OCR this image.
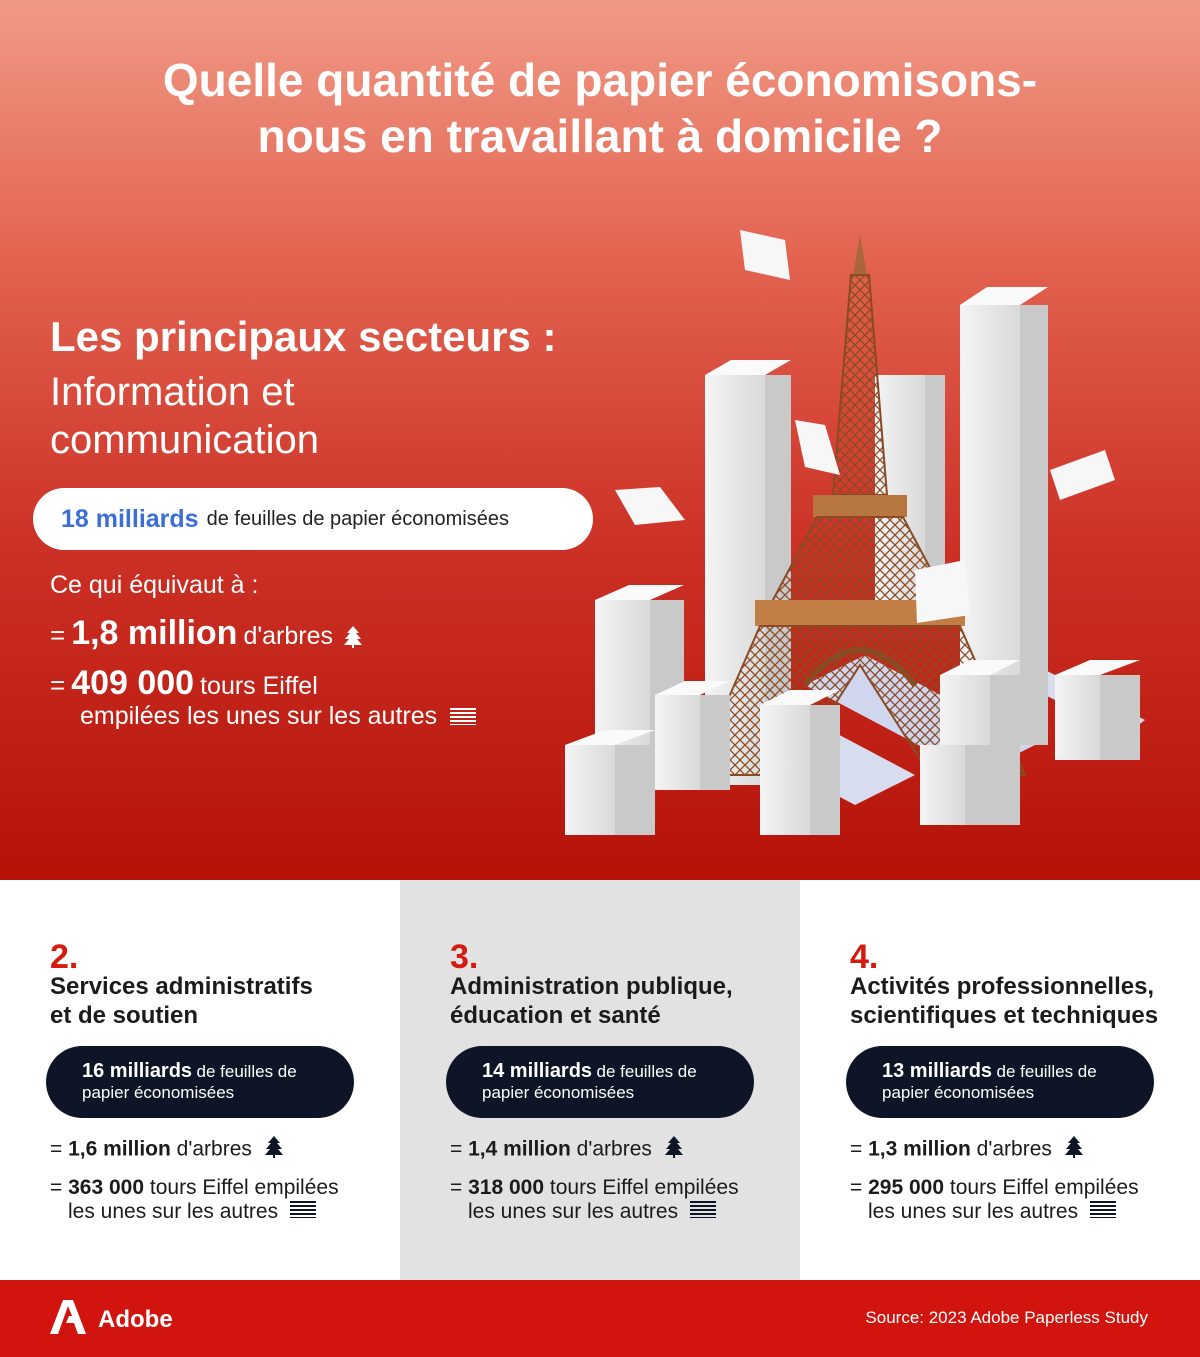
Quelle quantité de papier économisons-
nous en travaillant à domicile ?
Les principaux secteurs :
Information et
communication
18 milliards de feuilles de papier économisées
Ce qui équivaut à :
= 1,8 million d'arbres
= 409 000 tours Eiffel
empilées les unes sur les autres
2.
Services administratifs
et de soutien
16 milliards de feuilles de
papier économisées
= 1,6 million d'arbres
= 363 000 tours Eiffel empilées
les unes sur les autres
3.
Administration publique,
éducation et santé
14 milliards de feuilles de
papier économisées
= 1,4 million d'arbres
= 318 000 tours Eiffel empilées
les unes sur les autres
4.
Activités professionnelles,
scientifiques et techniques
13 milliards de feuilles de
papier économisées
= 1,3 million d'arbres
= 295 000 tours Eiffel empilées
les unes sur les autres
Adobe	Source: 2023 Adobe Paperless Study
